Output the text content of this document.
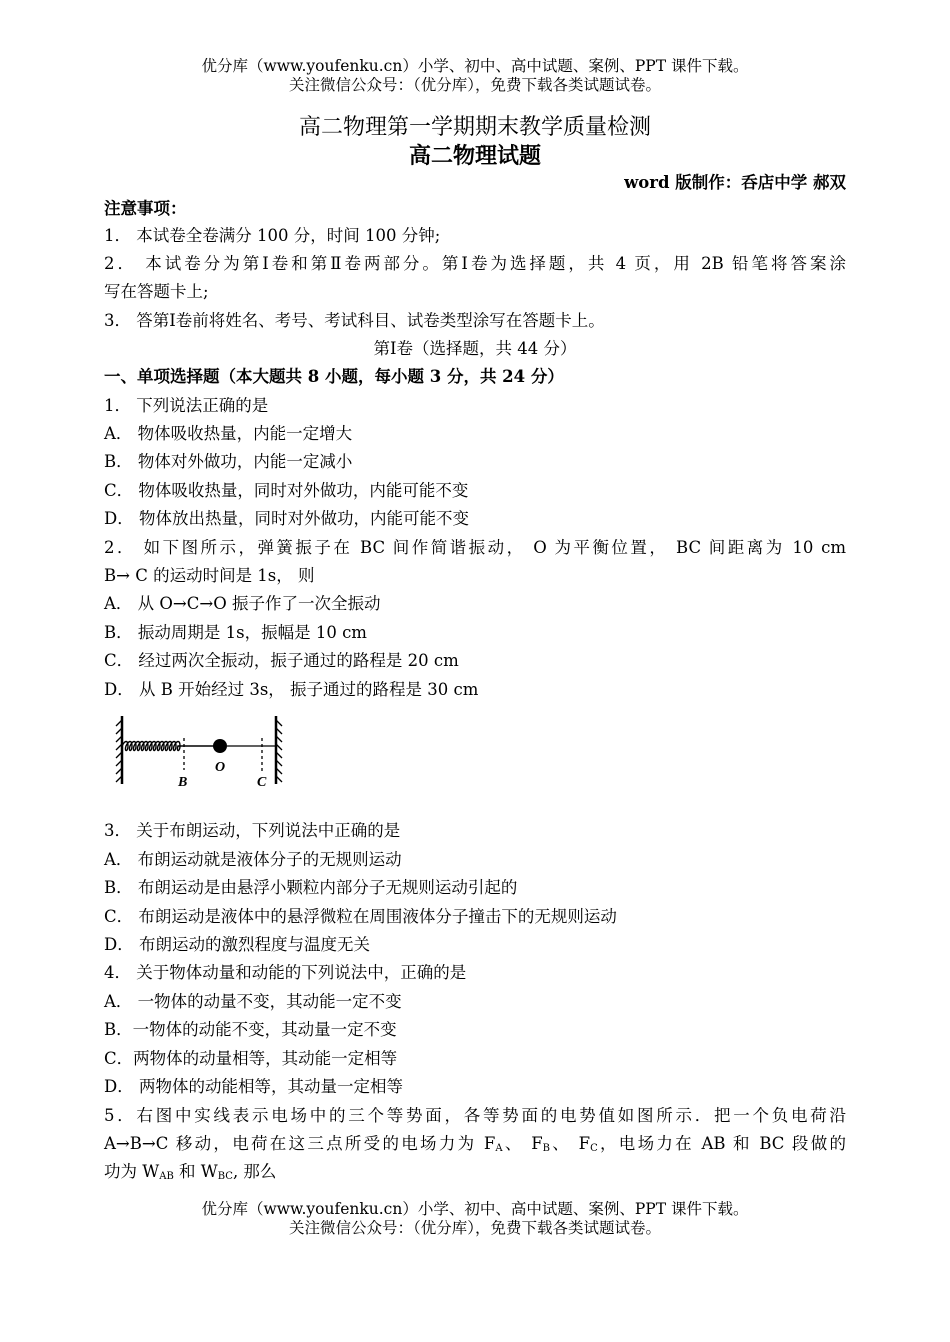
优分库（www.youfenku.cn）小学、初中、高中试题、案例、PPT 课件下载。
关注微信公众号：（优分库），免费下载各类试题试卷。
高二物理第一学期期末教学质量检测
高二物理试题
word 版制作：呑店中学 郝双
注意事项：
1． 本试卷全卷满分 100 分，时间 100 分钟;
2． 本试卷分为第Ⅰ卷和第Ⅱ卷两部分。第Ⅰ卷为选择题，共 4 页，用 2B 铅笔将答案涂
写在答题卡上;
3． 答第Ⅰ卷前将姓名、考号、考试科目、试卷类型涂写在答题卡上。
第Ⅰ卷（选择题，共 44 分）
一、单项选择题（本大题共 8 小题，每小题 3 分，共 24 分）
1． 下列说法正确的是
A． 物体吸收热量，内能一定增大
B． 物体对外做功，内能一定减小
C． 物体吸收热量，同时对外做功，内能可能不变
D． 物体放出热量，同时对外做功，内能可能不变
2． 如下图所示，弹簧振子在 BC 间作简谐振动， O 为平衡位置， BC 间距离为 10 cm
B→ C 的运动时间是 1s， 则
A． 从 O→C→O 振子作了一次全振动
B． 振动周期是 1s，振幅是 10 cm
C． 经过两次全振动，振子通过的路程是 20 cm
D． 从 B 开始经过 3s， 振子通过的路程是 30 cm
B
O
C
3． 关于布朗运动，下列说法中正确的是
A． 布朗运动就是液体分子的无规则运动
B． 布朗运动是由悬浮小颗粒内部分子无规则运动引起的
C． 布朗运动是液体中的悬浮微粒在周围液体分子撞击下的无规则运动
D． 布朗运动的激烈程度与温度无关
4． 关于物体动量和动能的下列说法中，正确的是
A． 一物体的动量不变，其动能一定不变
B．一物体的动能不变，其动量一定不变
C．两物体的动量相等，其动能一定相等
D． 两物体的动能相等，其动量一定相等
5．右图中实线表示电场中的三个等势面，各等势面的电势值如图所示．把一个负电荷沿
A→B→C 移动，电荷在这三点所受的电场力为 $F_A$、 $F_B$、 $F_C$，电场力在 AB 和 BC 段做的
功为 $W_{AB}$ 和 $W_{BC}$, 那么
优分库（www.youfenku.cn）小学、初中、高中试题、案例、PPT 课件下载。
关注微信公众号：（优分库），免费下载各类试题试卷。
